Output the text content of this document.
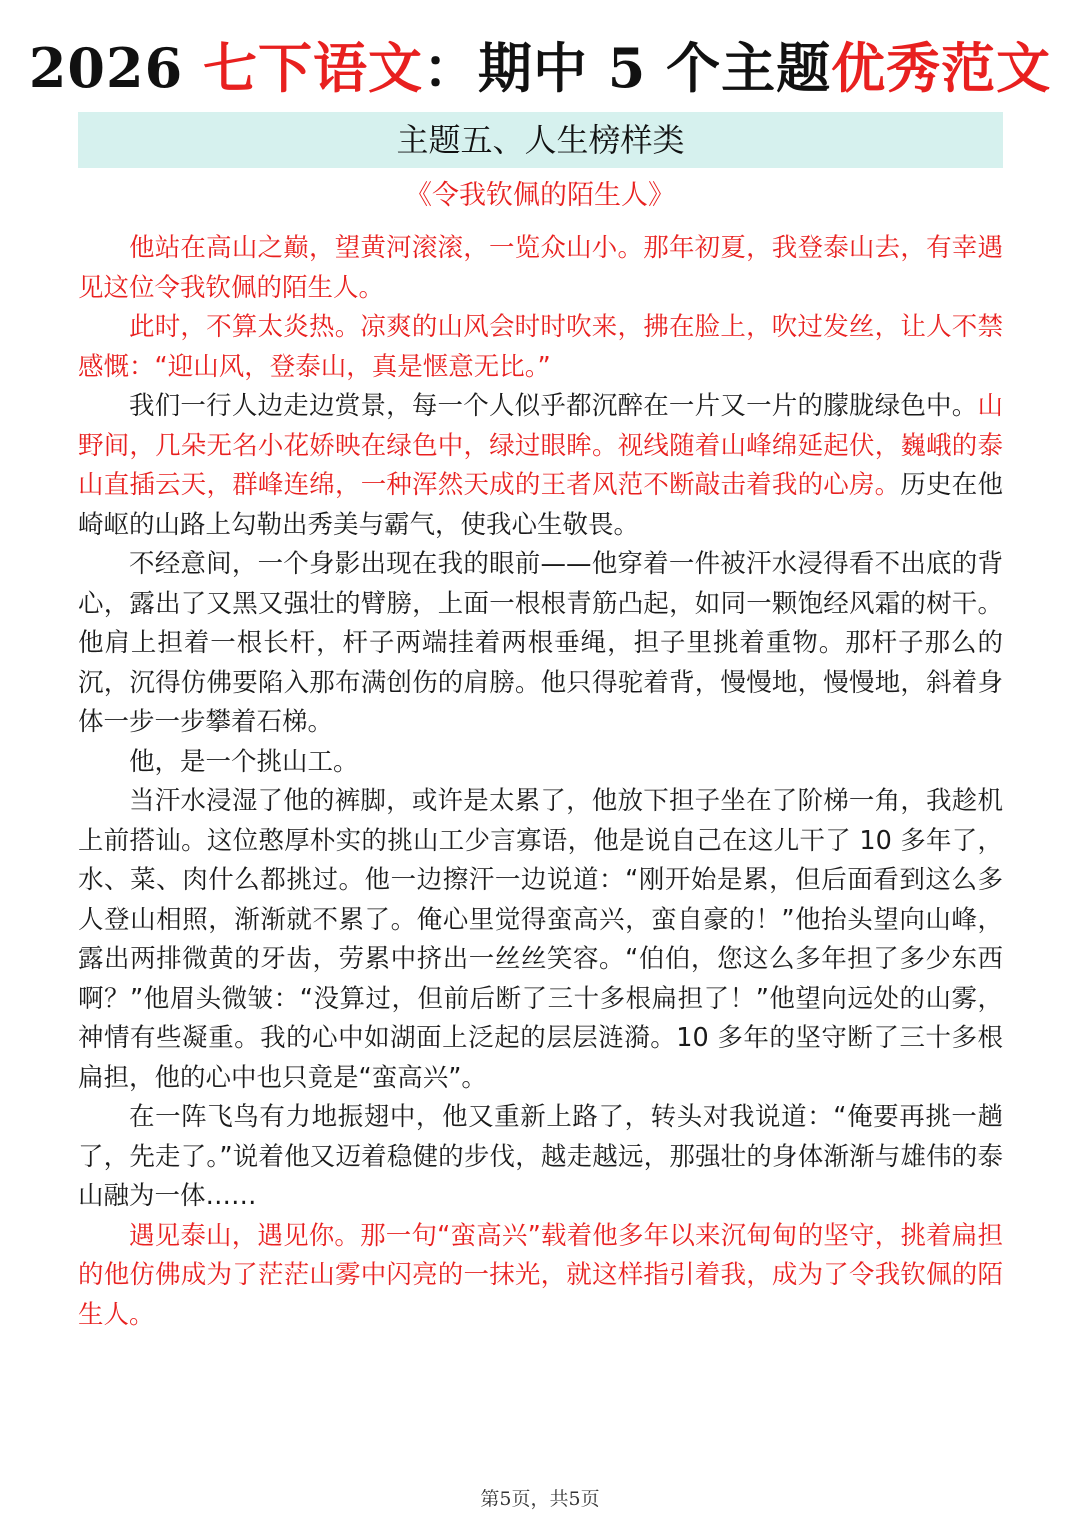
2026 七下语文：期中 5 个主题优秀范文
主题五、人生榜样类
《令我钦佩的陌生人》

他站在高山之巅，望黄河滚滚，一览众山小。那年初夏，我登泰山去，有幸遇见这位令我钦佩的陌生人。

此时，不算太炎热。凉爽的山风会时时吹来，拂在脸上，吹过发丝，让人不禁感慨：“迎山风，登泰山，真是惬意无比。”

我们一行人边走边赏景，每一个人似乎都沉醉在一片又一片的朦胧绿色中。山野间，几朵无名小花娇映在绿色中，绿过眼眸。视线随着山峰绵延起伏，巍峨的泰山直插云天，群峰连绵，一种浑然天成的王者风范不断敲击着我的心房。历史在他崎岖的山路上勾勒出秀美与霸气，使我心生敬畏。

不经意间，一个身影出现在我的眼前——他穿着一件被汗水浸得看不出底的背心，露出了又黑又强壮的臂膀，上面一根根青筋凸起，如同一颗饱经风霜的树干。他肩上担着一根长杆，杆子两端挂着两根垂绳，担子里挑着重物。那杆子那么的沉，沉得仿佛要陷入那布满创伤的肩膀。他只得驼着背，慢慢地，慢慢地，斜着身体一步一步攀着石梯。

他，是一个挑山工。

当汗水浸湿了他的裤脚，或许是太累了，他放下担子坐在了阶梯一角，我趁机上前搭讪。这位憨厚朴实的挑山工少言寡语，他是说自己在这儿干了 10 多年了，水、菜、肉什么都挑过。他一边擦汗一边说道：“刚开始是累，但后面看到这么多人登山相照，渐渐就不累了。俺心里觉得蛮高兴，蛮自豪的！”他抬头望向山峰，露出两排微黄的牙齿，劳累中挤出一丝丝笑容。“伯伯，您这么多年担了多少东西啊？”他眉头微皱：“没算过，但前后断了三十多根扁担了！”他望向远处的山雾，神情有些凝重。我的心中如湖面上泛起的层层涟漪。10 多年的坚守断了三十多根扁担，他的心中也只竟是“蛮高兴”。

在一阵飞鸟有力地振翅中，他又重新上路了，转头对我说道：“俺要再挑一趟了，先走了。”说着他又迈着稳健的步伐，越走越远，那强壮的身体渐渐与雄伟的泰山融为一体……

遇见泰山，遇见你。那一句“蛮高兴”载着他多年以来沉甸甸的坚守，挑着扁担的他仿佛成为了茫茫山雾中闪亮的一抹光，就这样指引着我，成为了令我钦佩的陌生人。

第5页，共5页
